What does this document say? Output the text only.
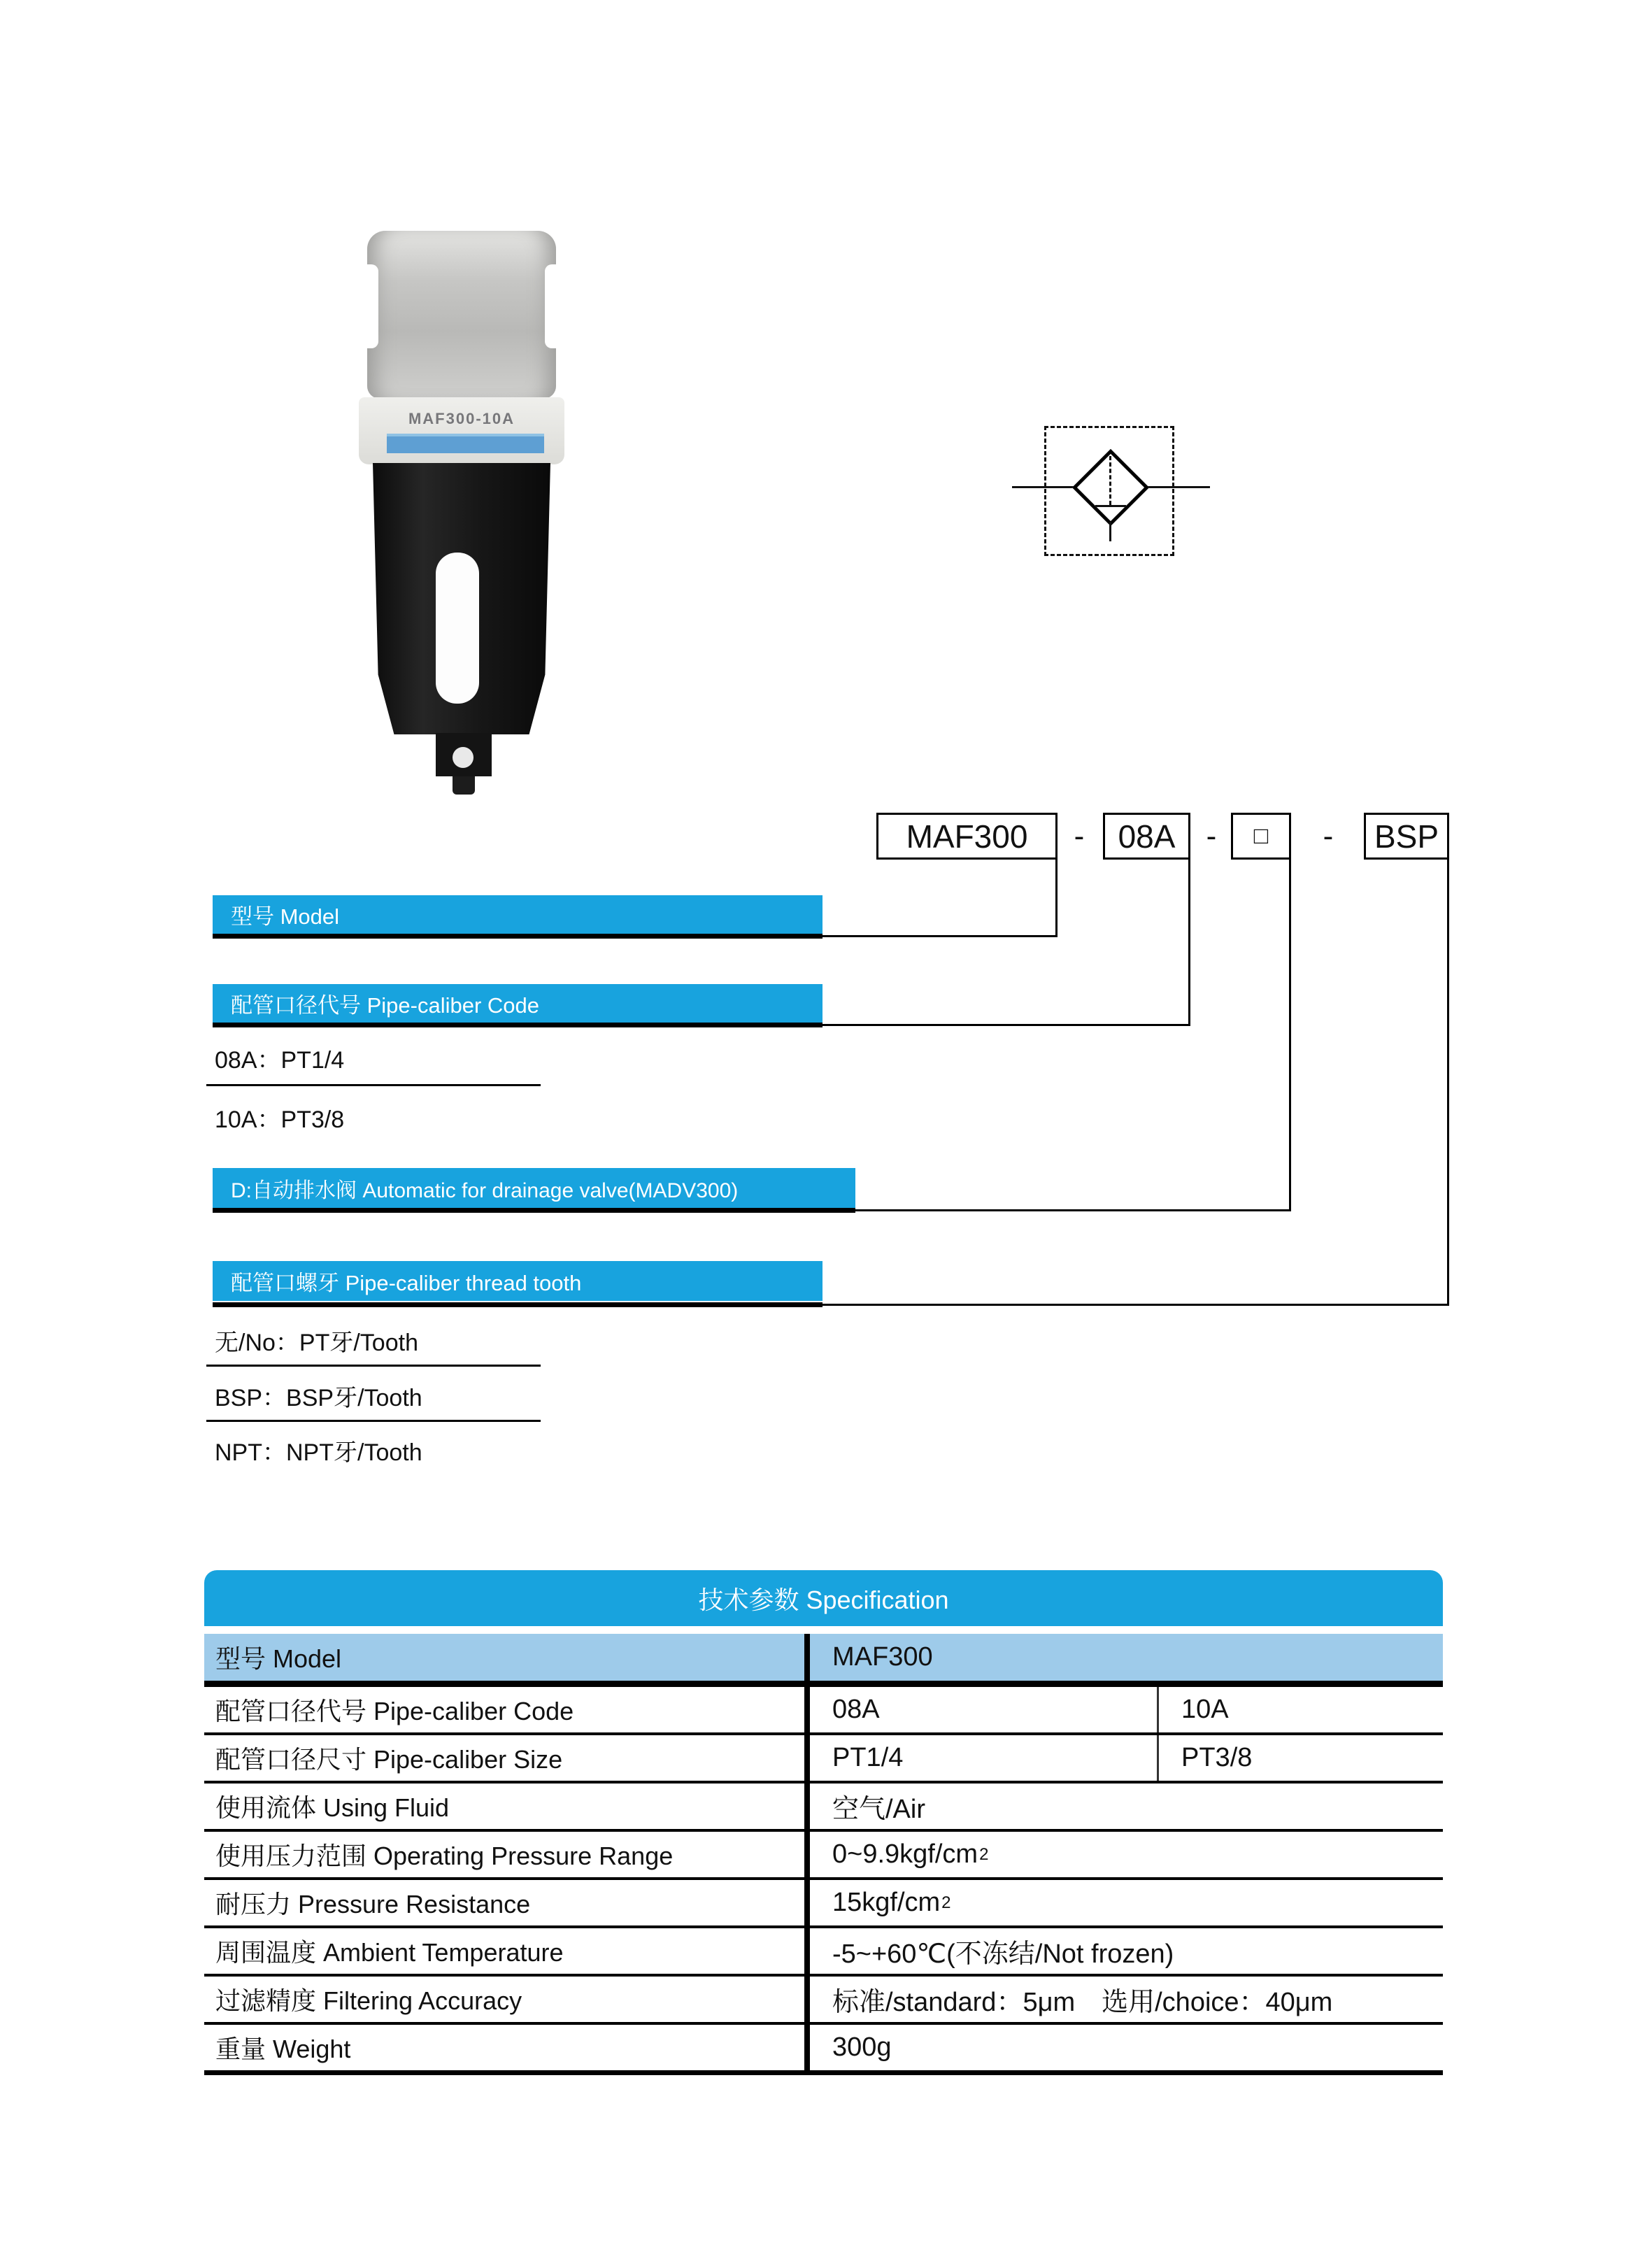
MAF300-10A
MAF300	-	08A	-	□	-	BSP
型号 Model
配管口径代号 Pipe-caliber Code
D:自动排水阀 Automatic for drainage valve(MADV300)
配管口螺牙 Pipe-caliber thread tooth
08A：PT1/4
10A：PT3/8
无/No：PT牙/Tooth
BSP：BSP牙/Tooth
NPT：NPT牙/Tooth
技术参数 Specification
型号 Model	MAF300
配管口径代号 Pipe-caliber Code	08A	10A
配管口径尺寸 Pipe-caliber Size	PT1/4	PT3/8
使用流体 Using Fluid	空气/Air
使用压力范围 Operating Pressure Range	0~9.9kgf/cm 2
耐压力 Pressure Resistance	15kgf/cm 2
周围温度 Ambient Temperature	-5~+60℃(不冻结/Not frozen)
过滤精度 Filtering Accuracy	标准/standard：5μm　选用/choice：40μm
重量 Weight	300g
